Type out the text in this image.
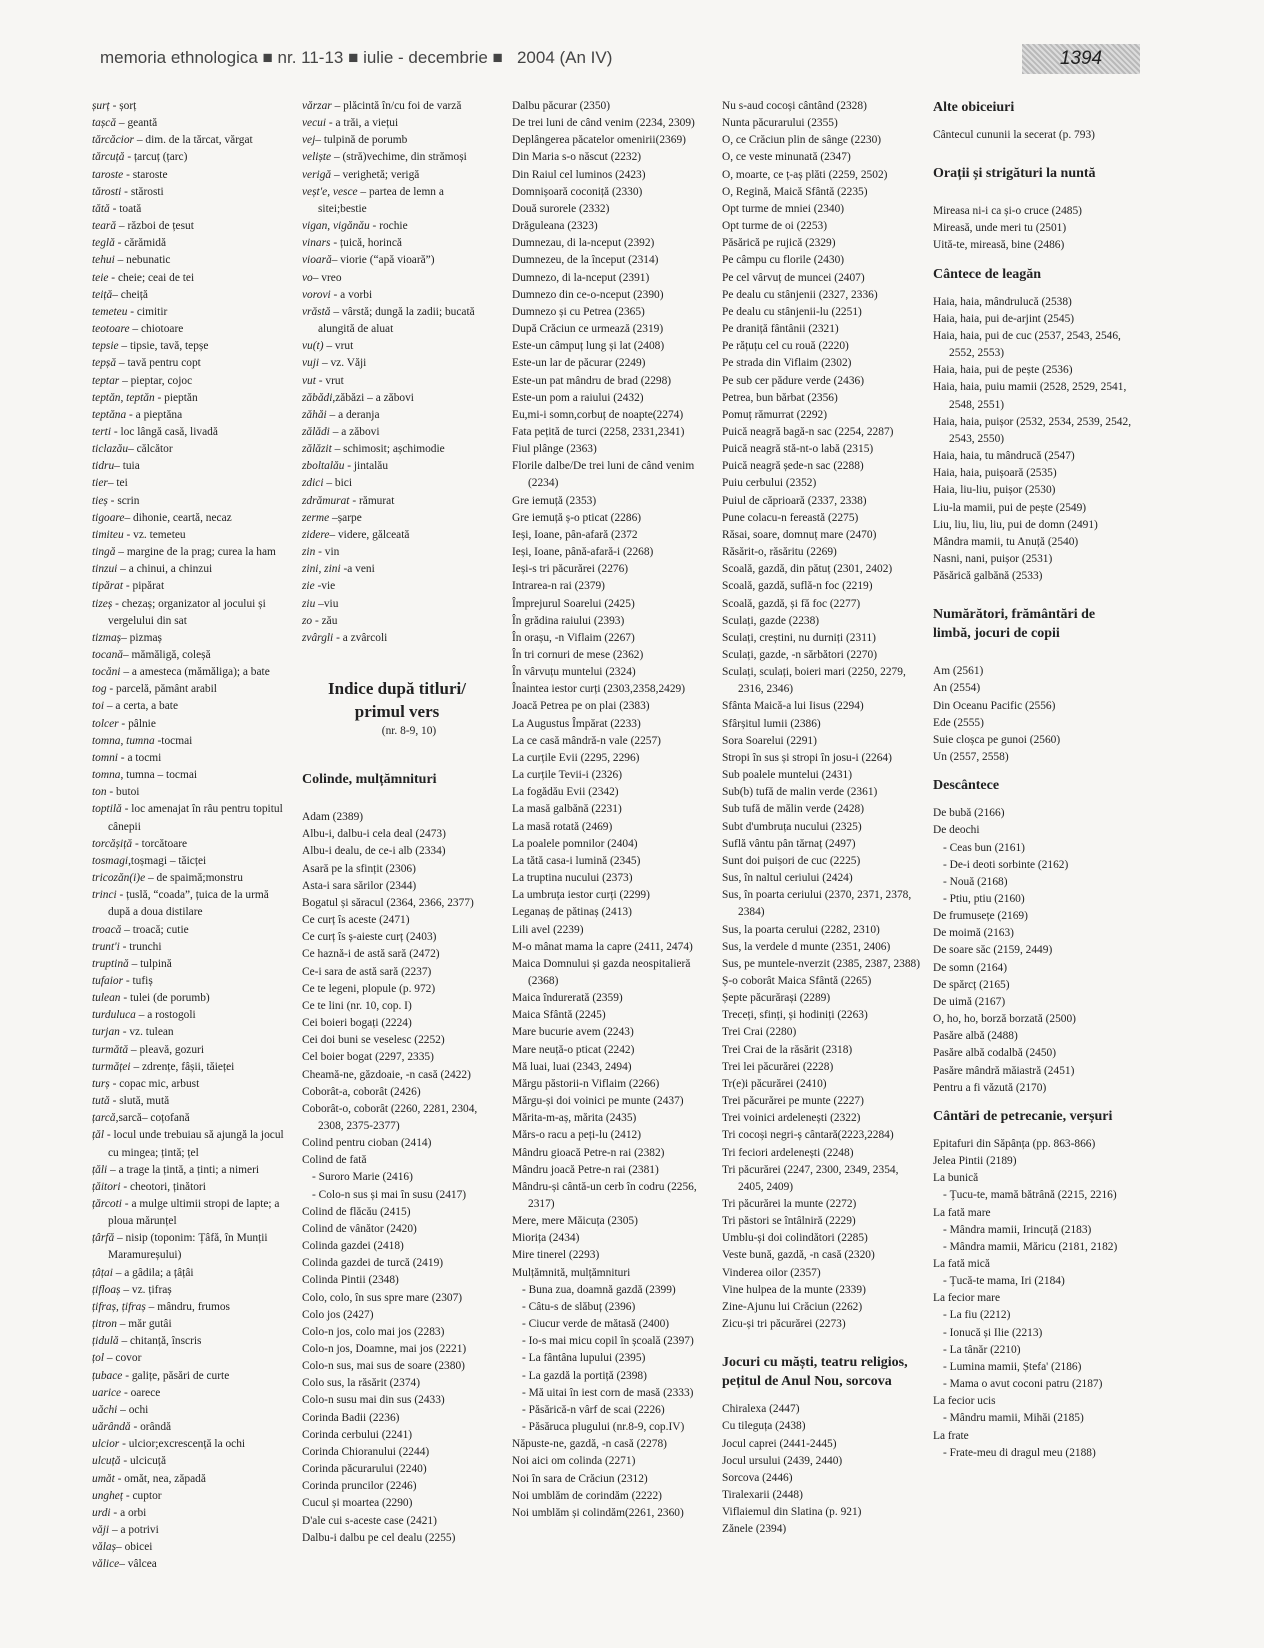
memoria ethnologica ■ nr. 11-13 ■ iulie - decembrie ■   2004 (An IV)	1394

șurț - șorț

tașcă – geantă

tărcăcior – dim. de la tărcat, vărgat

tărcuță - țarcuț (țarc)

taroste - staroste

tărosti - stărosti

tătă - toată

teară – război de țesut

teglă - cărămidă

tehui – nebunatic

teie - cheie; ceai de tei

teiță– cheiță

temeteu - cimitir

teotoare – chiotoare

tepsie – tipsie, tavă, tepșe

tepșă – tavă pentru copt

teptar – pieptar, cojoc

teptăn, teptăn - pieptăn

teptăna - a pieptăna

terti - loc lângă casă, livadă

ticlazău– călcător

tidru– tuia

tier– tei

tieș - scrin

tigoare– dihonie, ceartă, necaz

timiteu - vz. temeteu

tingă – margine de la prag; curea la ham

tinzui – a chinui, a chinzui

tipărat - pipărat

tizeș - chezaș; organizator al jocului și vergelului din sat

tizmaș– pizmaș

tocană– mămăligă, coleșă

tocăni – a amesteca (mămăliga); a bate

tog - parcelă, pământ arabil

toi – a certa, a bate

tolcer - pâlnie

tomna, tumna -tocmai

tomni - a tocmi

tomna, tumna – tocmai

ton - butoi

toptilă - loc amenajat în râu pentru topitul cânepii

torcășiță - torcătoare

tosmagi,toșmagi – tăicței

tricozăn(i)e – de spaimă;monstru

trinci - țuslă, “coada”, țuica de la urmă după a doua distilare

troacă – troacă; cutie

trunt'i - trunchi

truptină – tulpină

tufaior - tufiș

tulean - tulei (de porumb)

turduluca – a rostogoli

turjan - vz. tulean

turmătă – pleavă, gozuri

turmăței – zdrențe, fâșii, tăieței

turș - copac mic, arbust

tută - slută, mută

țarcă,sarcă– coțofană

țăl - locul unde trebuiau să ajungă la jocul cu mingea; țintă; țel

țăli – a trage la țintă, a ținti; a nimeri

țăitori - cheotori, ținători

țărcoti - a mulge ultimii stropi de lapte; a ploua mărunțel

țârfă – nisip (toponim: Țâfă, în Munții Maramureșului)

țâțai – a gâdila; a țâțâi

țifloaș – vz. țifraș

țifraș, țifraș – mândru, frumos

țitron – măr gutâi

țidulă – chitanță, înscris

țol – covor

țubace - galițe, păsări de curte

uarice - oarece

uăchi – ochi

uărândă - orândă

ulcior - ulcior;excrescență la ochi

ulcuță - ulcicuță

umăt - omăt, nea, zăpadă

ungheț - cuptor

urdi - a orbi

văji – a potrivi

vălaș– obicei

vălice– vâlcea

vărzar – plăcintă în/cu foi de varză

vecui - a trăi, a viețui

vej– tulpină de porumb

veliște – (stră)vechime, din strămoși

verigă – verighetă; verigă

veșt'e, vesce – partea de lemn a sitei;bestie

vigan, vigănău - rochie

vinars - țuică, horincă

vioară– viorie (“apă vioară”)

vo– vreo

vorovi - a vorbi

vrăstă – vârstă; dungă la zadii; bucată alungită de aluat

vu(t) – vrut

vuji – vz. Văji

vut - vrut

zăbădi,zăbăzi – a zăbovi

zăhăi – a deranja

zălădi – a zăbovi

zălăzit – schimosit; așchimodie

zboltalău - jintalău

zdici – bici

zdrămurat - rămurat

zerme –șarpe

zidere– videre, gălceată

zin - vin

zini, zini -a veni

zie -vie

ziu –viu

zo - zău

zvârgli - a zvârcoli

Indice după titluri/ primul vers

(nr. 8-9, 10)

Colinde, mulțămnituri

Adam (2389)

Albu-i, dalbu-i cela deal (2473)

Albu-i dealu, de ce-i alb (2334)

Asară pe la sfințit (2306)

Asta-i sara sărilor (2344)

Bogatul și săracul (2364, 2366, 2377)

Ce curț îs aceste (2471)

Ce curț îs ș-aieste curț (2403)

Ce haznă-i de astă sară (2472)

Ce-i sara de astă sară (2237)

Ce te legeni, plopule (p. 972)

Ce te lini (nr. 10, cop. I)

Cei boieri bogați (2224)

Cei doi buni se veselesc (2252)

Cel boier bogat (2297, 2335)

Cheamă-ne, găzdoaie, -n casă (2422)

Coborât-a, coborât (2426)

Coborât-o, coborât (2260, 2281, 2304, 2308, 2375-2377)

Colind pentru cioban (2414)

Colind de fată

- Suroro Marie (2416)

- Colo-n sus și mai în susu (2417)

Colind de flăcău (2415)

Colind de vânător (2420)

Colinda gazdei (2418)

Colinda gazdei de turcă (2419)

Colinda Pintii (2348)

Colo, colo, în sus spre mare (2307)

Colo jos (2427)

Colo-n jos, colo mai jos (2283)

Colo-n jos, Doamne, mai jos (2221)

Colo-n sus, mai sus de soare (2380)

Colo sus, la răsărit (2374)

Colo-n susu mai din sus (2433)

Corinda Badii (2236)

Corinda cerbului (2241)

Corinda Chioranului (2244)

Corinda păcurarului (2240)

Corinda pruncilor (2246)

Cucul și moartea (2290)

D'ale cui s-aceste case (2421)

Dalbu-i dalbu pe cel dealu (2255)

Dalbu păcurar (2350)

De trei luni de când venim (2234, 2309)

Deplângerea păcatelor omenirii(2369)

Din Maria s-o născut (2232)

Din Raiul cel luminos (2423)

Domnișoară coconiță (2330)

Două surorele (2332)

Drăguleana (2323)

Dumnezau, di la-nceput (2392)

Dumnezeu, de la început (2314)

Dumnezo, di la-nceput (2391)

Dumnezo din ce-o-nceput (2390)

Dumnezo și cu Petrea (2365)

După Crăciun ce urmează (2319)

Este-un câmpuț lung și lat (2408)

Este-un lar de păcurar (2249)

Este-un pat mândru de brad (2298)

Este-un pom a raiului (2432)

Eu,mi-i somn,corbuț de noapte(2274)

Fata pețită de turci (2258, 2331,2341)

Fiul plânge (2363)

Florile dalbe/De trei luni de când venim (2234)

Gre iemuță (2353)

Gre iemuță ș-o pticat (2286)

Ieși, Ioane, pân-afară (2372

Ieși, Ioane, până-afară-i (2268)

Ieși-s tri păcurărei (2276)

Intrarea-n rai (2379)

Împrejurul Soarelui (2425)

În grădina raiului (2393)

În orașu, -n Viflaim (2267)

În tri cornuri de mese (2362)

În vârvuțu muntelui (2324)

Înaintea iestor curți (2303,2358,2429)

Joacă Petrea pe on plai (2383)

La Augustus Împărat (2233)

La ce casă mândră-n vale (2257)

La curțile Evii (2295, 2296)

La curțile Tevii-i (2326)

La fogădău Evii (2342)

La masă galbănă (2231)

La masă rotată (2469)

La poalele pomnilor (2404)

La tătă casa-i lumină (2345)

La truptina nucului (2373)

La umbruța iestor curți (2299)

Leganaș de pătinaș (2413)

Lili avel (2239)

M-o mânat mama la capre (2411, 2474)

Maica Domnului și gazda neospitalieră (2368)

Maica îndurerată (2359)

Maica Sfântă (2245)

Mare bucurie avem (2243)

Mare neuță-o pticat (2242)

Mă luai, luai (2343, 2494)

Mărgu păstorii-n Viflaim (2266)

Mărgu-și doi voinici pe munte (2437)

Mărita-m-aș, mărita (2435)

Mărs-o racu a peți-lu (2412)

Mândru gioacă Petre-n rai (2382)

Mândru joacă Petre-n rai (2381)

Mândru-și cântă-un cerb în codru (2256, 2317)

Mere, mere Măicuța (2305)

Miorița (2434)

Mire tinerel (2293)

Mulțămnită, mulțămnituri

- Buna zua, doamnă gazdă (2399)

- Câtu-s de slăbuț (2396)

- Ciucur verde de mătasă (2400)

- Io-s mai micu copil în școală (2397)

- La fântâna lupului (2395)

- La gazdă la portiță (2398)

- Mă uitai în iest corn de masă (2333)

- Păsărică-n vârf de scai (2226)

- Păsăruca plugului (nr.8-9, cop.IV)

Năpuste-ne, gazdă, -n casă (2278)

Noi aici om colinda (2271)

Noi în sara de Crăciun (2312)

Noi umblăm de corindăm (2222)

Noi umblăm și colindăm(2261, 2360)

Nu s-aud cocoși cântând (2328)

Nunta păcurarului (2355)

O, ce Crăciun plin de sânge (2230)

O, ce veste minunată (2347)

O, moarte, ce ț-aș plăti (2259, 2502)

O, Regină, Maică Sfântă (2235)

Opt turme de mniei (2340)

Opt turme de oi (2253)

Păsărică pe rujică (2329)

Pe câmpu cu florile (2430)

Pe cel vârvuț de muncei (2407)

Pe dealu cu stânjenii (2327, 2336)

Pe dealu cu stânjenii-lu (2251)

Pe draniță fântânii (2321)

Pe rățuțu cel cu rouă (2220)

Pe strada din Viflaim (2302)

Pe sub cer pădure verde (2436)

Petrea, bun bărbat (2356)

Pomuț rămurrat (2292)

Puică neagră bagă-n sac (2254, 2287)

Puică neagră stă-nt-o labă (2315)

Puică neagră șede-n sac (2288)

Puiu cerbului (2352)

Puiul de căprioară (2337, 2338)

Pune colacu-n fereastă (2275)

Răsai, soare, domnuț mare (2470)

Răsărit-o, răsăritu (2269)

Scoală, gazdă, din pătuț (2301, 2402)

Scoală, gazdă, suflă-n foc (2219)

Scoală, gazdă, și fă foc (2277)

Sculați, gazde (2238)

Sculați, creștini, nu durniți (2311)

Sculați, gazde, -n sărbători (2270)

Sculați, sculați, boieri mari (2250, 2279, 2316, 2346)

Sfânta Maică-a lui Iisus (2294)

Sfârșitul lumii (2386)

Sora Soarelui (2291)

Stropi în sus și stropi în josu-i (2264)

Sub poalele muntelui (2431)

Sub(b) tufă de malin verde (2361)

Sub tufă de mălin verde (2428)

Subt d'umbruța nucului (2325)

Suflă vântu pân tărnaț (2497)

Sunt doi puișori de cuc (2225)

Sus, în naltul ceriului (2424)

Sus, în poarta ceriului (2370, 2371, 2378, 2384)

Sus, la poarta cerului (2282, 2310)

Sus, la verdele d munte (2351, 2406)

Sus, pe muntele-nverzit (2385, 2387, 2388)

Ș-o coborât Maica Sfântă (2265)

Șepte păcurărași (2289)

Treceți, sfinți, și hodiniți (2263)

Trei Crai (2280)

Trei Crai de la răsărit (2318)

Trei lei păcurărei (2228)

Tr(e)i păcurărei (2410)

Trei păcurărei pe munte (2227)

Trei voinici ardelenești (2322)

Tri cocoși negri-ș cântară(2223,2284)

Tri feciori ardelenești (2248)

Tri păcurărei (2247, 2300, 2349, 2354, 2405, 2409)

Tri păcurărei la munte (2272)

Tri păstori se întâlniră (2229)

Umblu-și doi colindători (2285)

Veste bună, gazdă, -n casă (2320)

Vinderea oilor (2357)

Vine hulpea de la munte (2339)

Zine-Ajunu lui Crăciun (2262)

Zicu-și tri păcurărei (2273)

Jocuri cu măști, teatru religios, pețitul de Anul Nou, sorcova

Chiralexa (2447)

Cu tileguța (2438)

Jocul caprei (2441-2445)

Jocul ursului (2439, 2440)

Sorcova (2446)

Tiralexarii (2448)

Viflaiemul din Slatina (p. 921)

Zănele (2394)

Alte obiceiuri

Cântecul cununii la secerat (p. 793)

Orații și strigături la nuntă

Mireasa ni-i ca și-o cruce (2485)

Mireasă, unde meri tu (2501)

Uită-te, mireasă, bine (2486)

Cântece de leagăn

Haia, haia, mândrulucă (2538)

Haia, haia, pui de-arjint (2545)

Haia, haia, pui de cuc (2537, 2543, 2546, 2552, 2553)

Haia, haia, pui de pește (2536)

Haia, haia, puiu mamii (2528, 2529, 2541, 2548, 2551)

Haia, haia, puișor (2532, 2534, 2539, 2542, 2543, 2550)

Haia, haia, tu mândrucă (2547)

Haia, haia, puișoară (2535)

Haia, liu-liu, puișor (2530)

Liu-la mamii, pui de pește (2549)

Liu, liu, liu, liu, pui de domn (2491)

Mândra mamii, tu Anuță (2540)

Nasni, nani, puișor (2531)

Păsărică galbănă (2533)

Numărători, frământări de limbă, jocuri de copii

Am (2561)

An (2554)

Din Oceanu Pacific (2556)

Ede (2555)

Suie cloșca pe gunoi (2560)

Un (2557, 2558)

Descântece

De bubă (2166)

De deochi

- Ceas bun (2161)

- De-i deoti sorbinte (2162)

- Nouă (2168)

- Ptiu, ptiu (2160)

De frumusețe (2169)

De moimă (2163)

De soare săc (2159, 2449)

De somn (2164)

De spărcț (2165)

De uimă (2167)

O, ho, ho, borză borzată (2500)

Pasăre albă (2488)

Pasăre albă codalbă (2450)

Pasăre mândră măiastră (2451)

Pentru a fi văzută (2170)

Cântări de petrecanie, verșuri

Epitafuri din Săpânța (pp. 863-866)

Jelea Pintii (2189)

La bunică

- Țucu-te, mamă bătrână (2215, 2216)

La fată mare

- Mândra mamii, Irincuță (2183)

- Mândra mamii, Măricu (2181, 2182)

La fată mică

- Țucă-te mama, Iri (2184)

La fecior mare

- La fiu (2212)

- Ionucă și Ilie (2213)

- La tânăr (2210)

- Lumina mamii, Ștefa' (2186)

- Mama o avut coconi patru (2187)

La fecior ucis

- Mândru mamii, Mihăi (2185)

La frate

- Frate-meu di dragul meu (2188)
